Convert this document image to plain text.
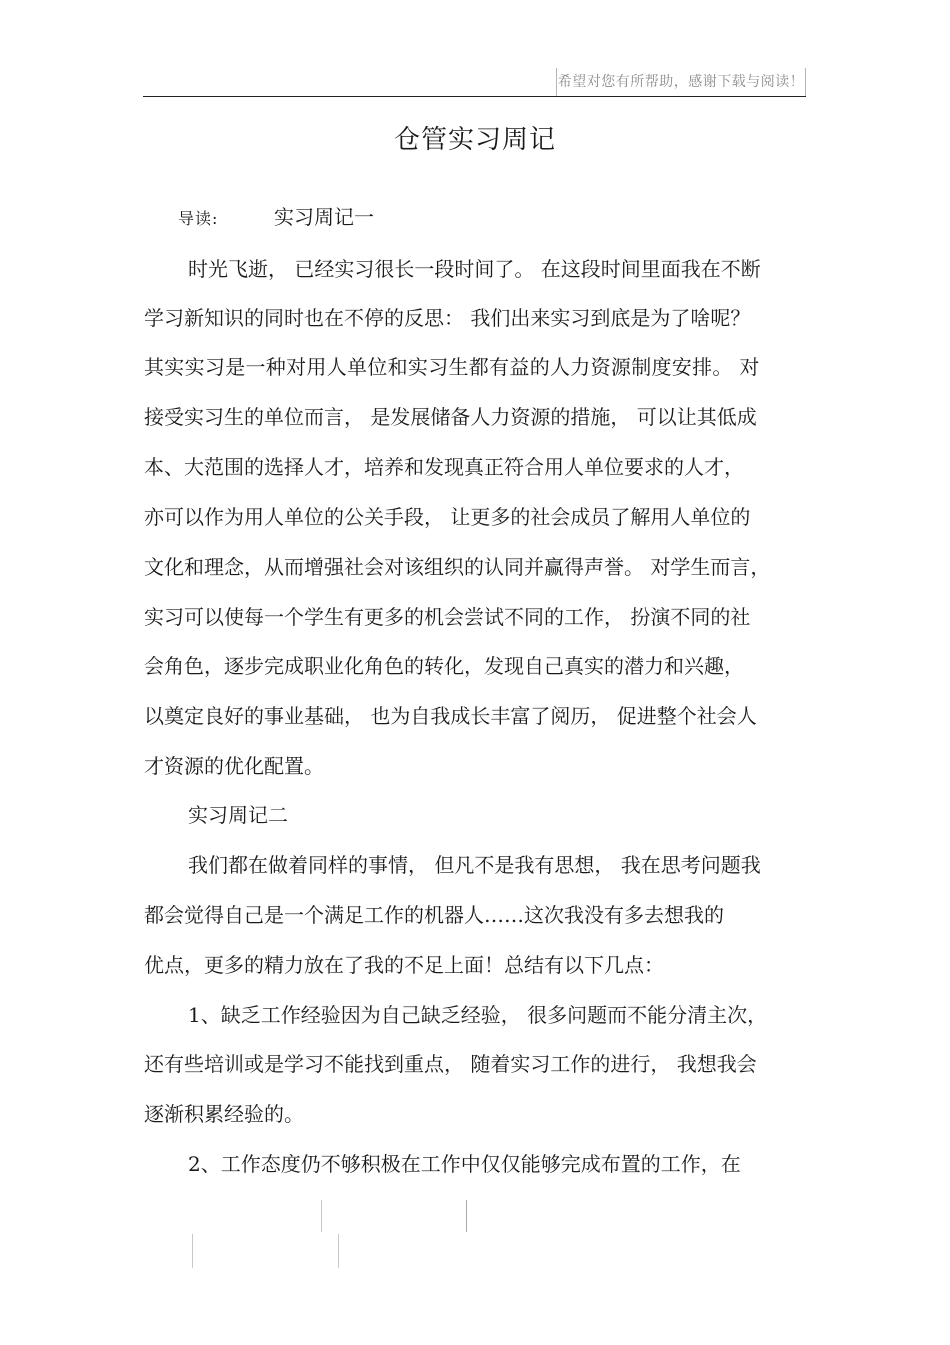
希望对您有所帮助，感谢下载与阅读！
仓管实习周记
导读:	实习周记一
时光飞逝， 已经实习很长一段时间了。 在这段时间里面我在不断
学习新知识的同时也在不停的反思： 我们出来实习到底是为了啥呢？
其实实习是一种对用人单位和实习生都有益的人力资源制度安排。 对
接受实习生的单位而言， 是发展储备人力资源的措施， 可以让其低成
本、大范围的选择人才，培养和发现真正符合用人单位要求的人才，
亦可以作为用人单位的公关手段， 让更多的社会成员了解用人单位的
文化和理念，从而增强社会对该组织的认同并赢得声誉。 对学生而言，
实习可以使每一个学生有更多的机会尝试不同的工作， 扮演不同的社
会角色，逐步完成职业化角色的转化，发现自己真实的潜力和兴趣，
以奠定良好的事业基础， 也为自我成长丰富了阅历， 促进整个社会人
才资源的优化配置。
实习周记二
我们都在做着同样的事情， 但凡不是我有思想， 我在思考问题我
都会觉得自己是一个满足工作的机器人……这次我没有多去想我的
优点，更多的精力放在了我的不足上面！总结有以下几点：
1、缺乏工作经验因为自己缺乏经验， 很多问题而不能分清主次，
还有些培训或是学习不能找到重点， 随着实习工作的进行， 我想我会
逐渐积累经验的。
2、工作态度仍不够积极在工作中仅仅能够完成布置的工作，在
